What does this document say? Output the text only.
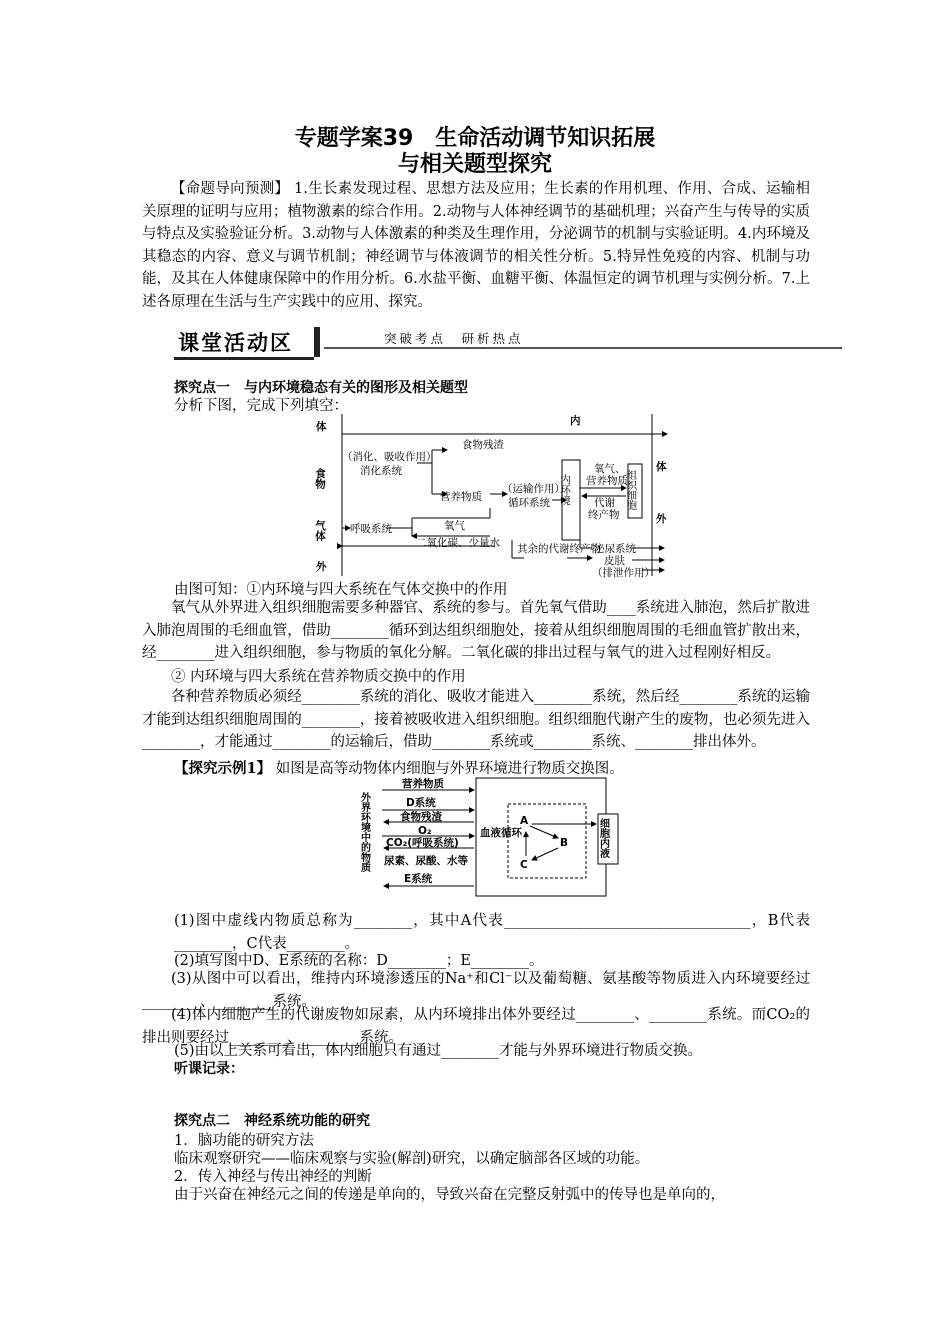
专题学案39　生命活动调节知识拓展
与相关题型探究
【命题导向预测】 1.生长素发现过程、思想方法及应用；生长素的作用机理、作用、合成、运输相关原理的证明与应用；植物激素的综合作用。2.动物与人体神经调节的基础机理；兴奋产生与传导的实质与特点及实验验证分析。3.动物与人体激素的种类及生理作用，分泌调节的机制与实验证明。4.内环境及其稳态的内容、意义与调节机制；神经调节与体液调节的相关性分析。5.特异性免疫的内容、机制与功能，及其在人体健康保障中的作用分析。6.水盐平衡、血糖平衡、体温恒定的调节机理与实例分析。7.上述各原理在生活与生产实践中的应用、探究。
课堂活动区	突破考点　研析热点
探究点一　与内环境稳态有关的图形及相关题型
分析下图，完成下列填空：
体	内
食物
气体
外
（消化、吸收作用）
消化系统
食物残渣
营养物质
（运输作用）
循环系统
呼吸系统	氧气
二氧化碳、少量水 其余的代谢终产物
泌尿系统
皮肤
（排泄作用）
内环境
氧气、
营养物质
代谢
终产物
组织细胞
体
外
由图可知：①内环境与四大系统在气体交换中的作用
氧气从外界进入组织细胞需要多种器官、系统的参与。首先氧气借助____系统进入肺泡，然后扩散进入肺泡周围的毛细血管，借助________循环到达组织细胞处，接着从组织细胞周围的毛细血管扩散出来，经________进入组织细胞，参与物质的氧化分解。二氧化碳的排出过程与氧气的进入过程刚好相反。
② 内环境与四大系统在营养物质交换中的作用
各种营养物质必须经________系统的消化、吸收才能进入________系统，然后经________系统的运输才能到达组织细胞周围的________，接着被吸收进入组织细胞。组织细胞代谢产生的废物，也必须先进入________，才能通过________的运输后，借助________系统或________系统、________排出体外。
【探究示例1】 如图是高等动物体内细胞与外界环境进行物质交换图。
外界环境中的物质
营养物质
D系统
食物残渣
O₂
CO₂(呼吸系统)
尿素、尿酸、水等
E系统
血液循环
A
B
C
细胞内液
(1)图中虚线内物质总称为________，其中A代表__________________________________，B代表________，C代表________。
(2)填写图中D、E系统的名称：D________；E________。
(3)从图中可以看出，维持内环境渗透压的Na⁺和Cl⁻以及葡萄糖、氨基酸等物质进入内环境要经过________、________系统。
(4)体内细胞产生的代谢废物如尿素，从内环境排出体外要经过________、________系统。而CO₂的排出则要经过________、________系统。
(5)由以上关系可看出，体内细胞只有通过________才能与外界环境进行物质交换。
听课记录：
探究点二　神经系统功能的研究
1．脑功能的研究方法
临床观察研究——临床观察与实验(解剖)研究，以确定脑部各区域的功能。
2．传入神经与传出神经的判断
由于兴奋在神经元之间的传递是单向的，导致兴奋在完整反射弧中的传导也是单向的，
